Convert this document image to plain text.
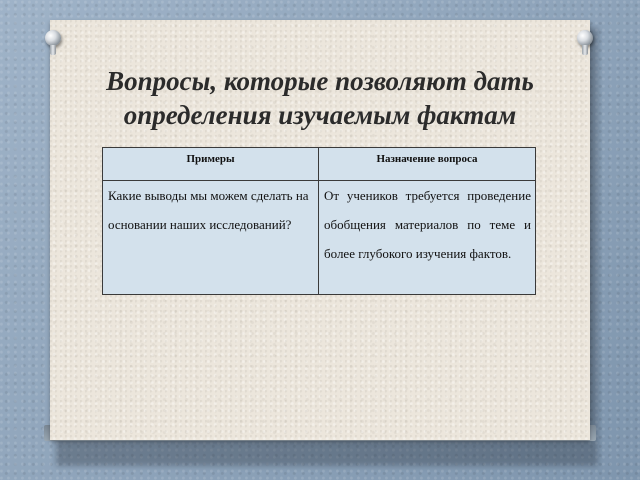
Вопросы, которые позволяют дать определения изучаемым фактам
Примеры	Назначение вопроса
Какие выводы мы можем сделать на основании наших исследований?	От учеников требуется проведение обобщения материалов по теме и более глубокого изучения фактов.
